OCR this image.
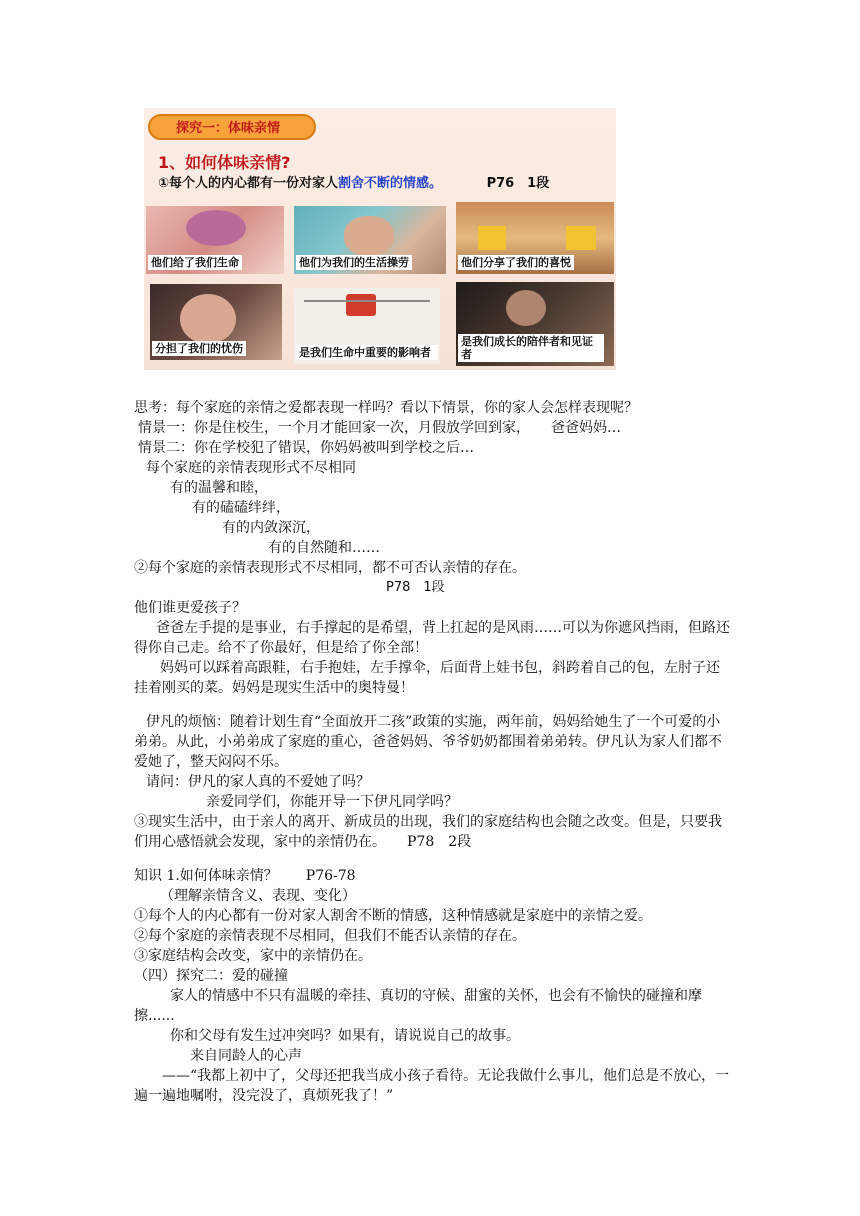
探究一：体味亲情
1、如何体味亲情?
①每个人的内心都有一份对家人割舍不断的情感。	P76　1段
他们给了我们生命	他们为我们的生活操劳	他们分享了我们的喜悦
分担了我们的忧伤	是我们生命中重要的影响者
是我们成长的陪伴者和见证者
思考：每个家庭的亲情之爱都表现一样吗？看以下情景，你的家人会怎样表现呢？
情景一：你是住校生，一个月才能回家一次，月假放学回到家，　　爸爸妈妈…
情景二：你在学校犯了错误，你妈妈被叫到学校之后…
每个家庭的亲情表现形式不尽相同
有的温馨和睦，
有的磕磕绊绊，
有的内敛深沉，
有的自然随和……
②每个家庭的亲情表现形式不尽相同，都不可否认亲情的存在。
P78　1段
他们谁更爱孩子？
爸爸左手提的是事业，右手撑起的是希望，背上扛起的是风雨……可以为你遮风挡雨，但路还得你自己走。给不了你最好，但是给了你全部！
妈妈可以踩着高跟鞋，右手抱娃，左手撑伞，后面背上娃书包，斜跨着自己的包，左肘子还挂着刚买的菜。妈妈是现实生活中的奥特曼！
伊凡的烦恼：随着计划生育“全面放开二孩”政策的实施，两年前，妈妈给她生了一个可爱的小弟弟。从此，小弟弟成了家庭的重心，爸爸妈妈、爷爷奶奶都围着弟弟转。伊凡认为家人们都不爱她了，整天闷闷不乐。
请问：伊凡的家人真的不爱她了吗？
亲爱同学们，你能开导一下伊凡同学吗？
③现实生活中，由于亲人的离开、新成员的出现，我们的家庭结构也会随之改变。但是，只要我们用心感悟就会发现，家中的亲情仍在。　　P78　2段
知识 1.如何体味亲情？　　P76-78
（理解亲情含义、表现、变化）
①每个人的内心都有一份对家人割舍不断的情感，这种情感就是家庭中的亲情之爱。
②每个家庭的亲情表现不尽相同，但我们不能否认亲情的存在。
③家庭结构会改变，家中的亲情仍在。
（四）探究二：爱的碰撞
家人的情感中不只有温暖的牵挂、真切的守候、甜蜜的关怀，也会有不愉快的碰撞和摩擦......
你和父母有发生过冲突吗？如果有，请说说自己的故事。
来自同龄人的心声
——“我都上初中了，父母还把我当成小孩子看待。无论我做什么事儿，他们总是不放心，一遍一遍地嘱咐，没完没了，真烦死我了！”
